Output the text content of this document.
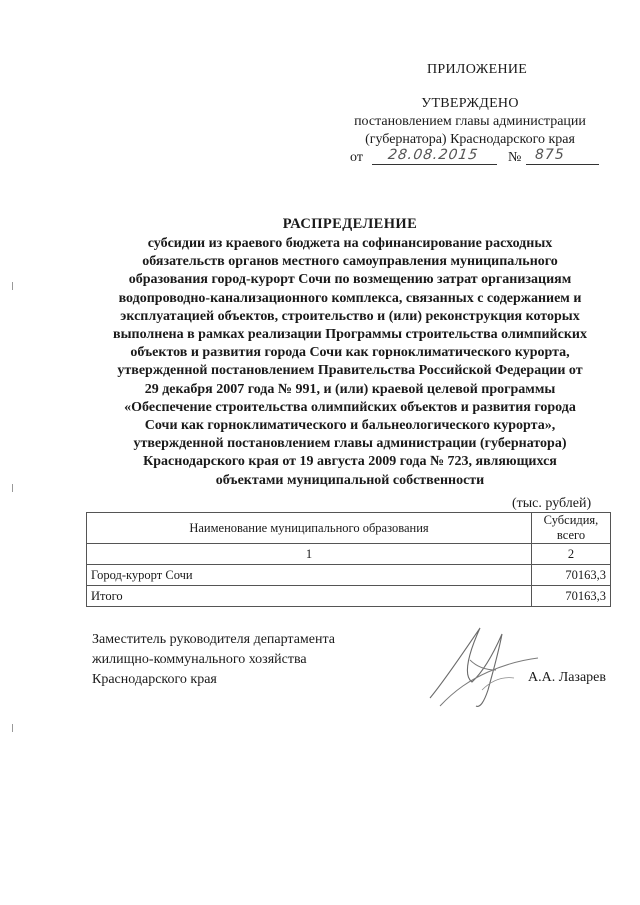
ПРИЛОЖЕНИЕ
УТВЕРЖДЕНО
постановлением главы администрации
(губернатора) Краснодарского края
от 28.08.2015 № 875
РАСПРЕДЕЛЕНИЕ
субсидии из краевого бюджета на софинансирование расходных
обязательств органов местного самоуправления муниципального
образования город-курорт Сочи по возмещению затрат организациям
водопроводно-канализационного комплекса, связанных с содержанием и
эксплуатацией объектов, строительство и (или) реконструкция которых
выполнена в рамках реализации Программы строительства олимпийских
объектов и развития города Сочи как горноклиматического курорта,
утвержденной постановлением Правительства Российской Федерации от
29 декабря 2007 года № 991, и (или) краевой целевой программы
«Обеспечение строительства олимпийских объектов и развития города
Сочи как горноклиматического и бальнеологического курорта»,
утвержденной постановлением главы администрации (губернатора)
Краснодарского края от 19 августа 2009 года № 723, являющихся
объектами муниципальной собственности
(тыс. рублей)
Наименование муниципального образования	Субсидия,
всего

1	2
Город-курорт Сочи	70163,3
Итого	70163,3
Заместитель руководителя департамента
жилищно-коммунального хозяйства
Краснодарского края	А.А. Лазарев
